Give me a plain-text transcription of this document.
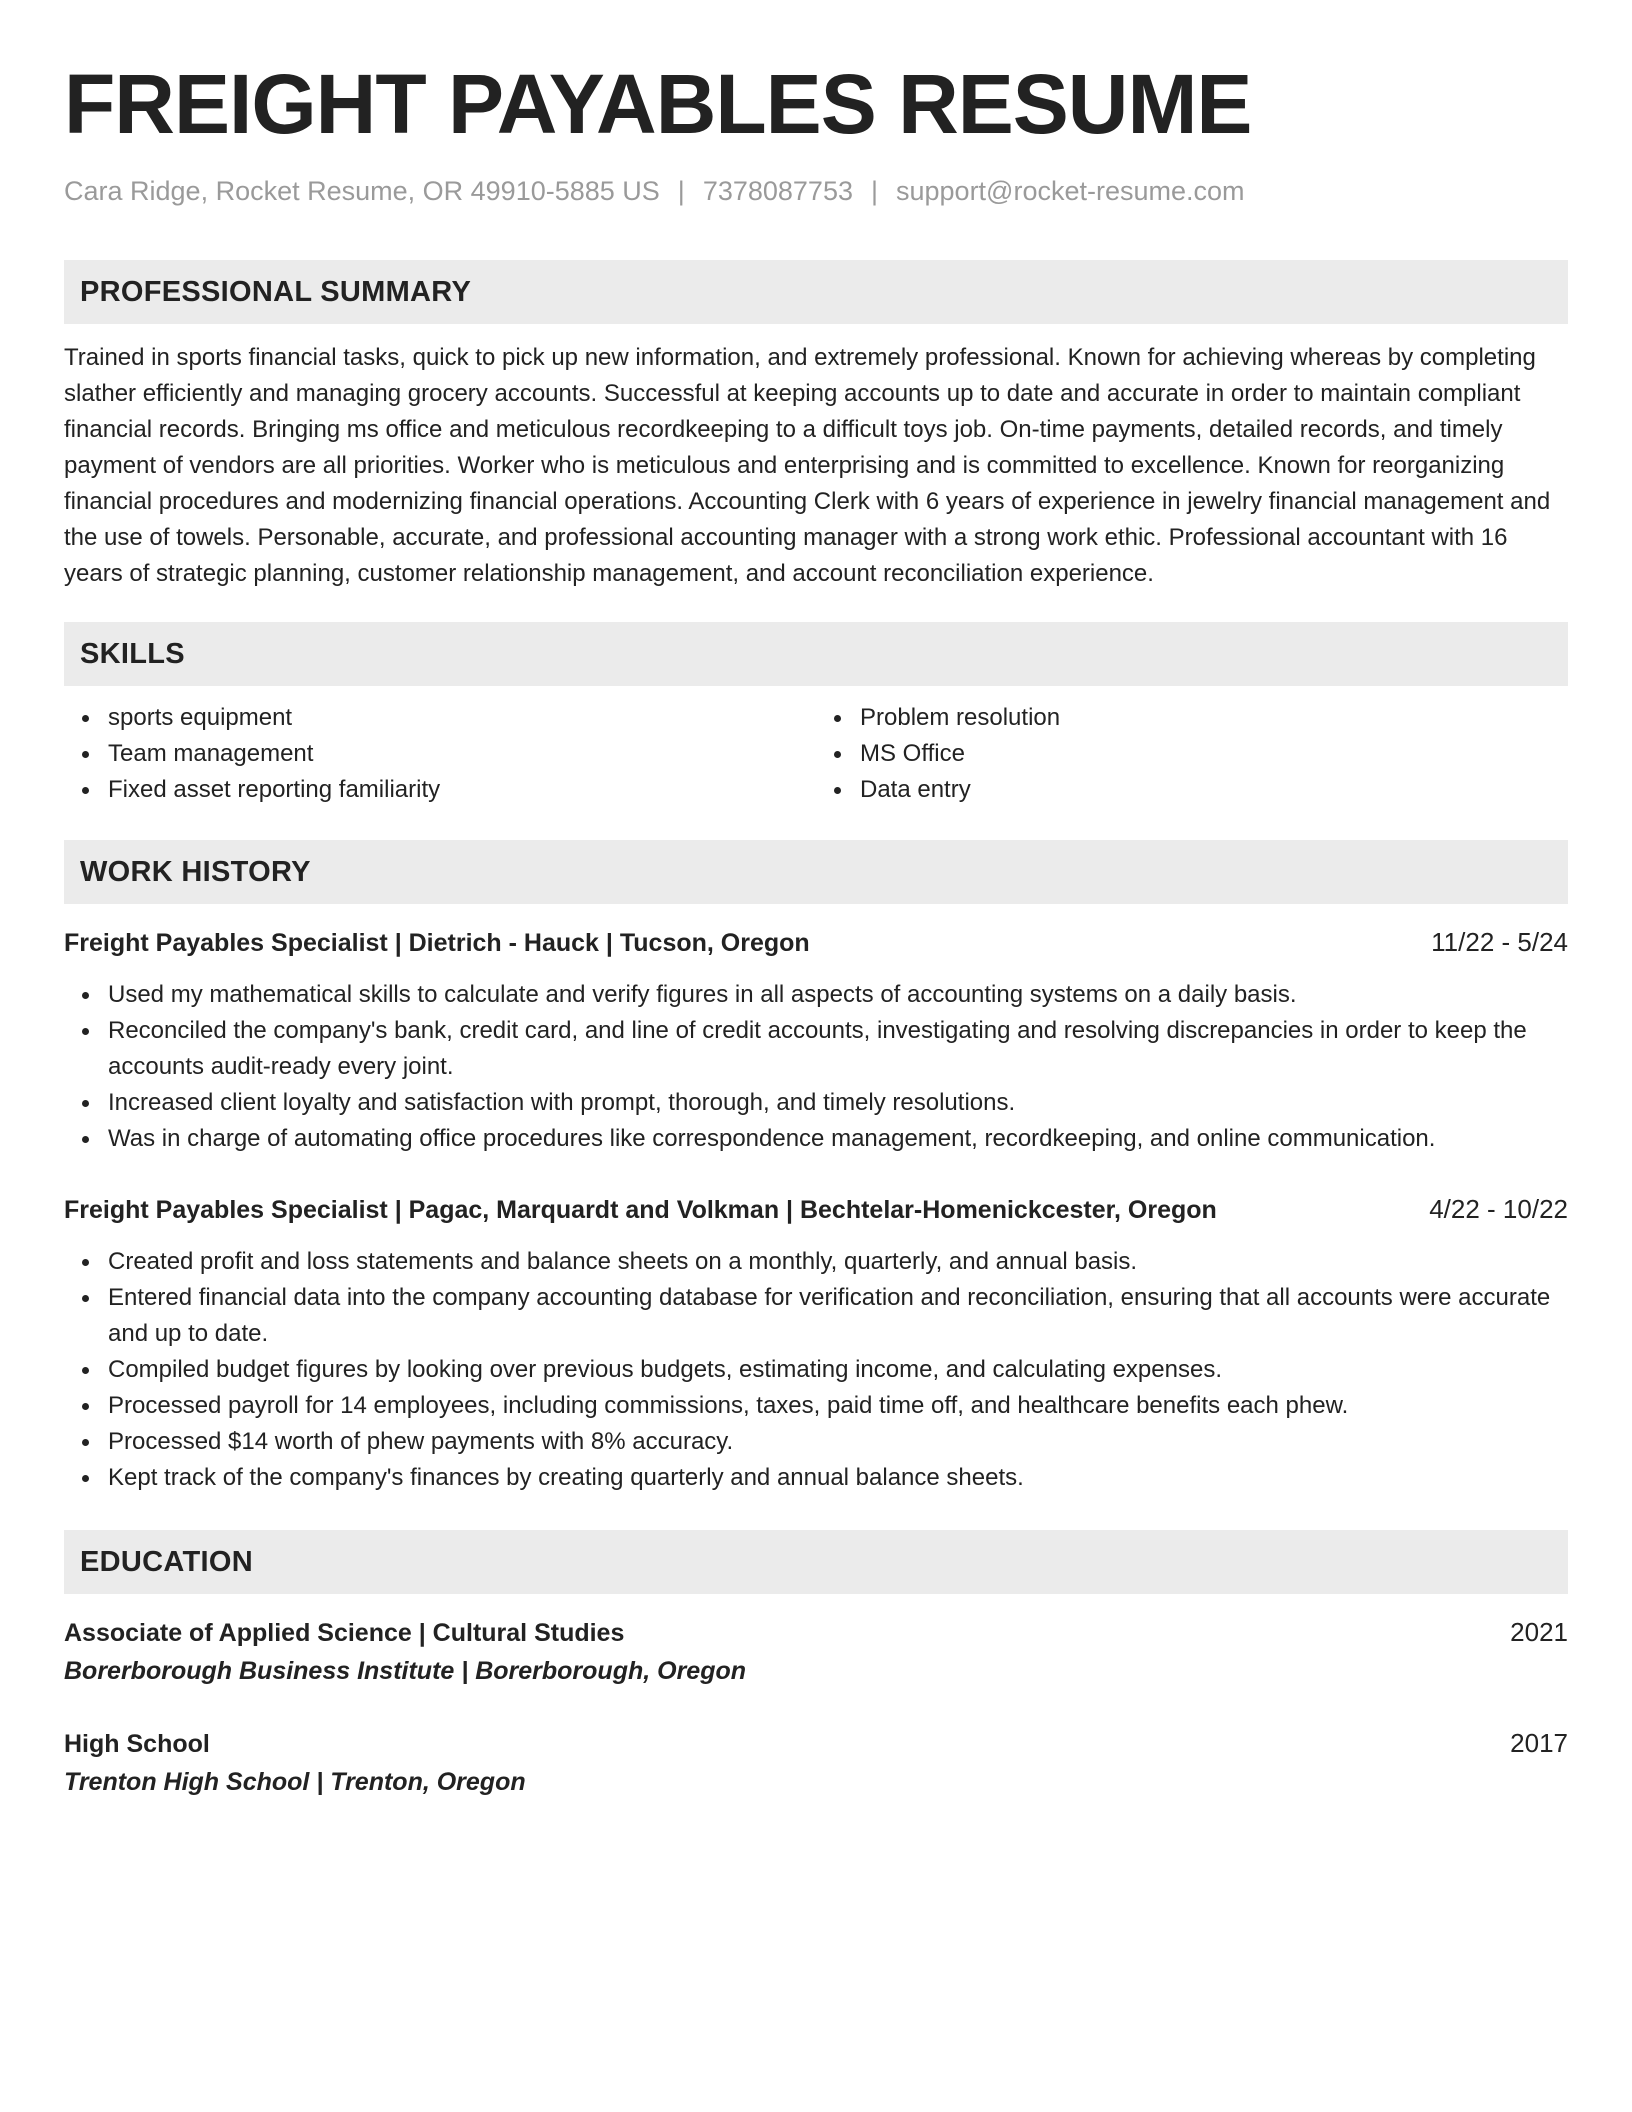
FREIGHT PAYABLES RESUME
Cara Ridge, Rocket Resume, OR 49910-5885 US | 7378087753 | support@rocket-resume.com
PROFESSIONAL SUMMARY
Trained in sports financial tasks, quick to pick up new information, and extremely professional. Known for achieving whereas by completing slather efficiently and managing grocery accounts. Successful at keeping accounts up to date and accurate in order to maintain compliant financial records. Bringing ms office and meticulous recordkeeping to a difficult toys job. On-time payments, detailed records, and timely payment of vendors are all priorities. Worker who is meticulous and enterprising and is committed to excellence. Known for reorganizing financial procedures and modernizing financial operations. Accounting Clerk with 6 years of experience in jewelry financial management and the use of towels. Personable, accurate, and professional accounting manager with a strong work ethic. Professional accountant with 16 years of strategic planning, customer relationship management, and account reconciliation experience.
SKILLS
sports equipment
Team management
Fixed asset reporting familiarity
Problem resolution
MS Office
Data entry
WORK HISTORY
Freight Payables Specialist | Dietrich - Hauck | Tucson, Oregon	11/22 - 5/24
Used my mathematical skills to calculate and verify figures in all aspects of accounting systems on a daily basis.
Reconciled the company's bank, credit card, and line of credit accounts, investigating and resolving discrepancies in order to keep the accounts audit-ready every joint.
Increased client loyalty and satisfaction with prompt, thorough, and timely resolutions.
Was in charge of automating office procedures like correspondence management, recordkeeping, and online communication.
Freight Payables Specialist | Pagac, Marquardt and Volkman | Bechtelar-Homenickcester, Oregon	4/22 - 10/22
Created profit and loss statements and balance sheets on a monthly, quarterly, and annual basis.
Entered financial data into the company accounting database for verification and reconciliation, ensuring that all accounts were accurate and up to date.
Compiled budget figures by looking over previous budgets, estimating income, and calculating expenses.
Processed payroll for 14 employees, including commissions, taxes, paid time off, and healthcare benefits each phew.
Processed $14 worth of phew payments with 8% accuracy.
Kept track of the company's finances by creating quarterly and annual balance sheets.
EDUCATION
Associate of Applied Science | Cultural Studies	2021
Borerborough Business Institute | Borerborough, Oregon
High School	2017
Trenton High School | Trenton, Oregon
